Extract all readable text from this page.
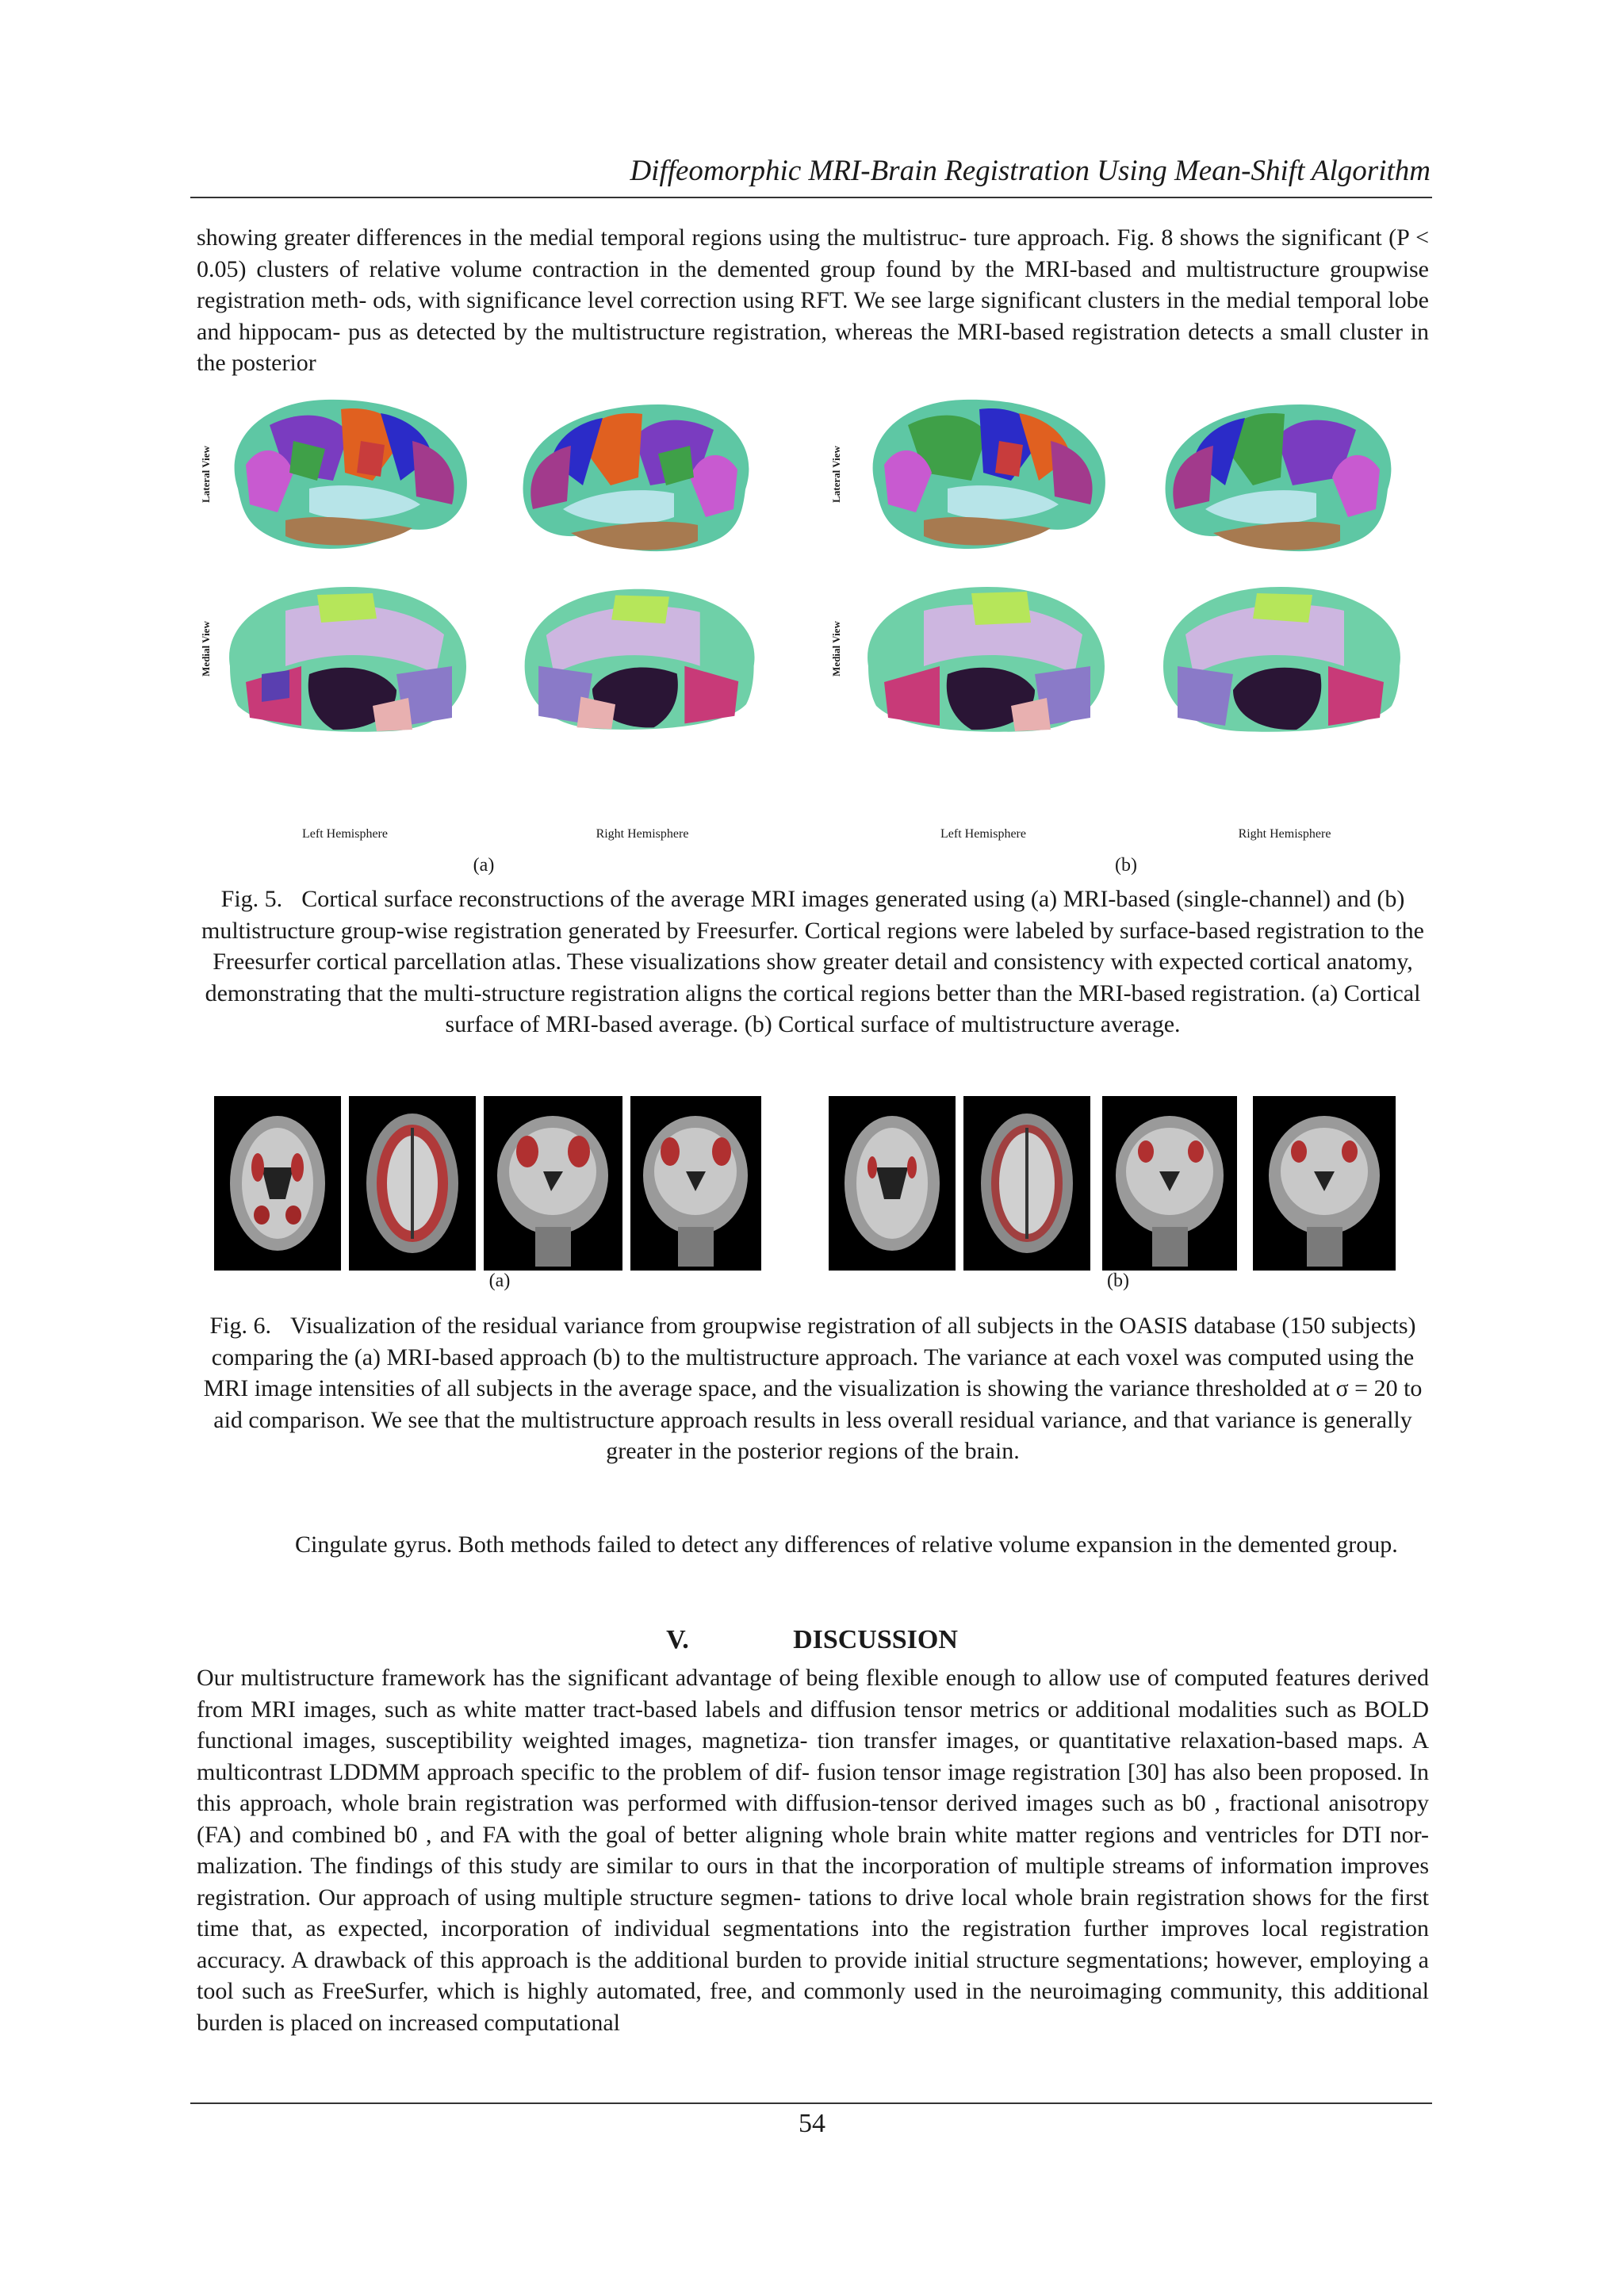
Diffeomorphic MRI-Brain Registration Using Mean-Shift Algorithm

showing greater differences in the medial temporal regions using the multistruc- ture approach. Fig. 8 shows the significant (P < 0.05) clusters of relative volume contraction in the demented group found by the MRI-based and multistructure groupwise registration meth- ods, with significance level correction using RFT. We see large significant clusters in the medial temporal lobe and hippocam- pus as detected by the multistructure registration, whereas the MRI-based registration detects a small cluster in the posterior

Lateral View
Medial View
Lateral View
Medial View
Left Hemisphere	Right Hemisphere	Left Hemisphere	Right Hemisphere
(a)	(b)

Fig. 5. Cortical surface reconstructions of the average MRI images generated using (a) MRI-based (single-channel) and (b) multistructure group-wise registration generated by Freesurfer. Cortical regions were labeled by surface-based registration to the Freesurfer cortical parcellation atlas. These visualizations show greater detail and consistency with expected cortical anatomy, demonstrating that the multi-structure registration aligns the cortical regions better than the MRI-based registration. (a) Cortical surface of MRI-based average. (b) Cortical surface of multistructure average.

(a)	(b)

Fig. 6. Visualization of the residual variance from groupwise registration of all subjects in the OASIS database (150 subjects) comparing the (a) MRI-based approach (b) to the multistructure approach. The variance at each voxel was computed using the MRI image intensities of all subjects in the average space, and the visualization is showing the variance thresholded at σ = 20 to aid comparison. We see that the multistructure approach results in less overall residual variance, and that variance is generally greater in the posterior regions of the brain.

Cingulate gyrus. Both methods failed to detect any differences of relative volume expansion in the demented group.

V.	DISCUSSION

Our multistructure framework has the significant advantage of being flexible enough to allow use of computed features derived from MRI images, such as white matter tract-based labels and diffusion tensor metrics or additional modalities such as BOLD functional images, susceptibility weighted images, magnetiza- tion transfer images, or quantitative relaxation-based maps. A multicontrast LDDMM approach specific to the problem of dif- fusion tensor image registration [30] has also been proposed. In this approach, whole brain registration was performed with diffusion-tensor derived images such as b0 , fractional anisotropy (FA) and combined b0 , and FA with the goal of better aligning whole brain white matter regions and ventricles for DTI nor- malization. The findings of this study are similar to ours in that the incorporation of multiple streams of information improves registration. Our approach of using multiple structure segmen- tations to drive local whole brain registration shows for the first time that, as expected, incorporation of individual segmentations into the registration further improves local registration accuracy. A drawback of this approach is the additional burden to provide initial structure segmentations; however, employing a tool such as FreeSurfer, which is highly automated, free, and commonly used in the neuroimaging community, this additional burden is placed on increased computational

54
